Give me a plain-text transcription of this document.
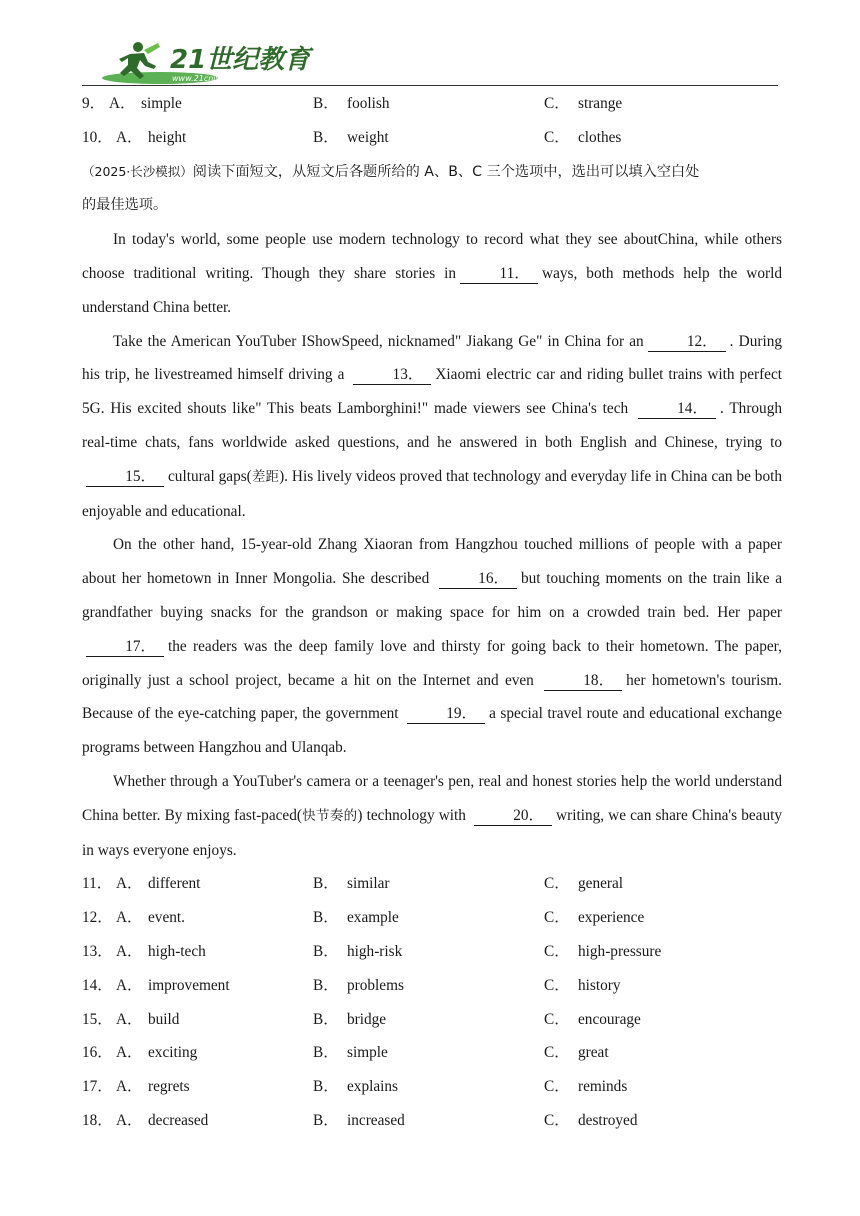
21世纪教育
www.21cnjy.com
9． A． simple	B． foolish	C． strange
10． A． height	B． weight	C． clothes

（2025·长沙模拟）阅读下面短文，从短文后各题所给的 A、B、C 三个选项中，选出可以填入空白处
的最佳选项。

In today's world, some people use modern technology to record what they see aboutChina, while others choose traditional writing. Though they share stories in	11． ways, both methods help the world understand China better.

Take the American YouTuber IShowSpeed, nicknamed" Jiakang Ge" in China for an	12． . During his trip, he livestreamed himself driving a	13． Xiaomi electric car and riding bullet trains with perfect 5G. His excited shouts like" This beats Lamborghini!" made viewers see China's tech	14． . Through real-time chats, fans worldwide asked questions, and he answered in both English and Chinese, trying to 15． cultural gaps(差距). His lively videos proved that technology and everyday life in China can be both enjoyable and educational.

On the other hand, 15-year-old Zhang Xiaoran from Hangzhou touched millions of people with a paper about her hometown in Inner Mongolia. She described	16． but touching moments on the train like a grandfather buying snacks for the grandson or making space for him on a crowded train bed. Her paper 17． the readers was the deep family love and thirsty for going back to their hometown. The paper, originally just a school project, became a hit on the Internet and even	18． her hometown's tourism. Because of the eye-catching paper, the government	19． a special travel route and educational exchange programs between Hangzhou and Ulanqab.

Whether through a YouTuber's camera or a teenager's pen, real and honest stories help the world understand China better. By mixing fast-paced(快节奏的) technology with	20． writing, we can share China's beauty in ways everyone enjoys.

11． A． different	B． similar	C． general
12． A． event.	B． example	C． experience
13． A． high-tech	B． high-risk	C． high-pressure
14． A． improvement	B． problems	C． history
15． A． build	B． bridge	C． encourage
16． A． exciting	B． simple	C． great
17． A． regrets	B． explains	C． reminds
18． A． decreased	B． increased	C． destroyed
